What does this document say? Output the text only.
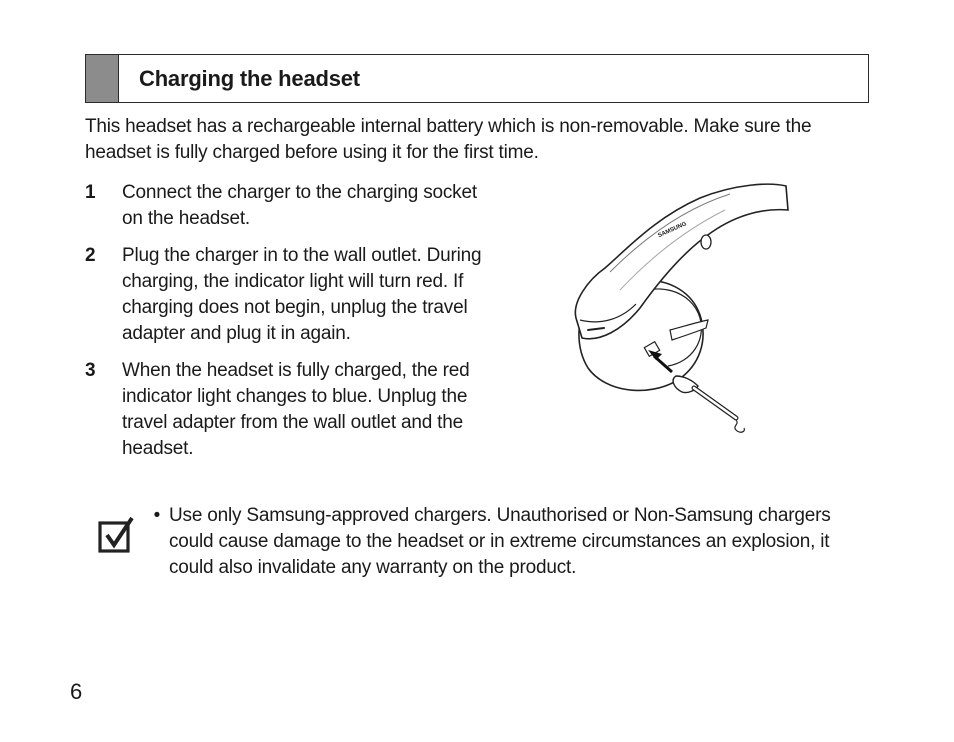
Charging the headset

This headset has a rechargeable internal battery which is non-removable. Make sure the headset is fully charged before using it for the first time.

1	Connect the charger to the charging socket on the headset.
2	Plug the charger in to the wall outlet. During charging, the indicator light will turn red. If charging does not begin, unplug the travel adapter and plug it in again.
3	When the headset is fully charged, the red indicator light changes to blue. Unplug the travel adapter from the wall outlet and the headset.
SAMSUNG
• Use only Samsung-approved chargers. Unauthorised or Non-Samsung chargers could cause damage to the headset or in extreme circumstances an explosion, it could also invalidate any warranty on the product.
6
